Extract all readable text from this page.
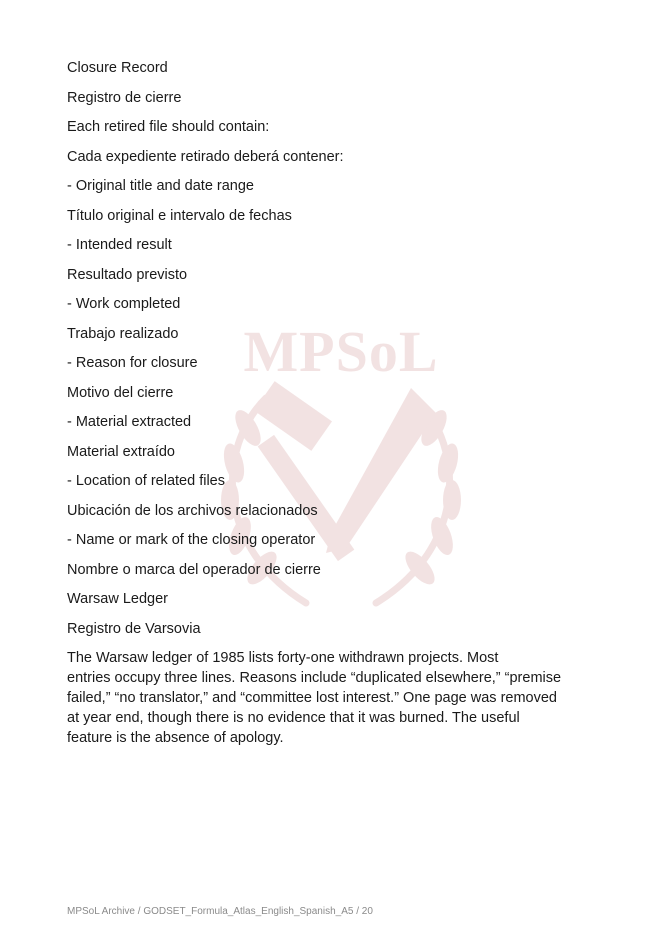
MPSoL
Closure Record
Registro de cierre
Each retired file should contain:
Cada expediente retirado deberá contener:
- Original title and date range
Título original e intervalo de fechas
- Intended result
Resultado previsto
- Work completed
Trabajo realizado
- Reason for closure
Motivo del cierre
- Material extracted
Material extraído
- Location of related files
Ubicación de los archivos relacionados
- Name or mark of the closing operator
Nombre o marca del operador de cierre
Warsaw Ledger
Registro de Varsovia
The Warsaw ledger of 1985 lists forty-one withdrawn projects. Most
entries occupy three lines. Reasons include “duplicated elsewhere,” “premise
failed,” “no translator,” and “committee lost interest.” One page was removed
at year end, though there is no evidence that it was burned. The useful
feature is the absence of apology.
MPSoL Archive / GODSET_Formula_Atlas_English_Spanish_A5 / 20
